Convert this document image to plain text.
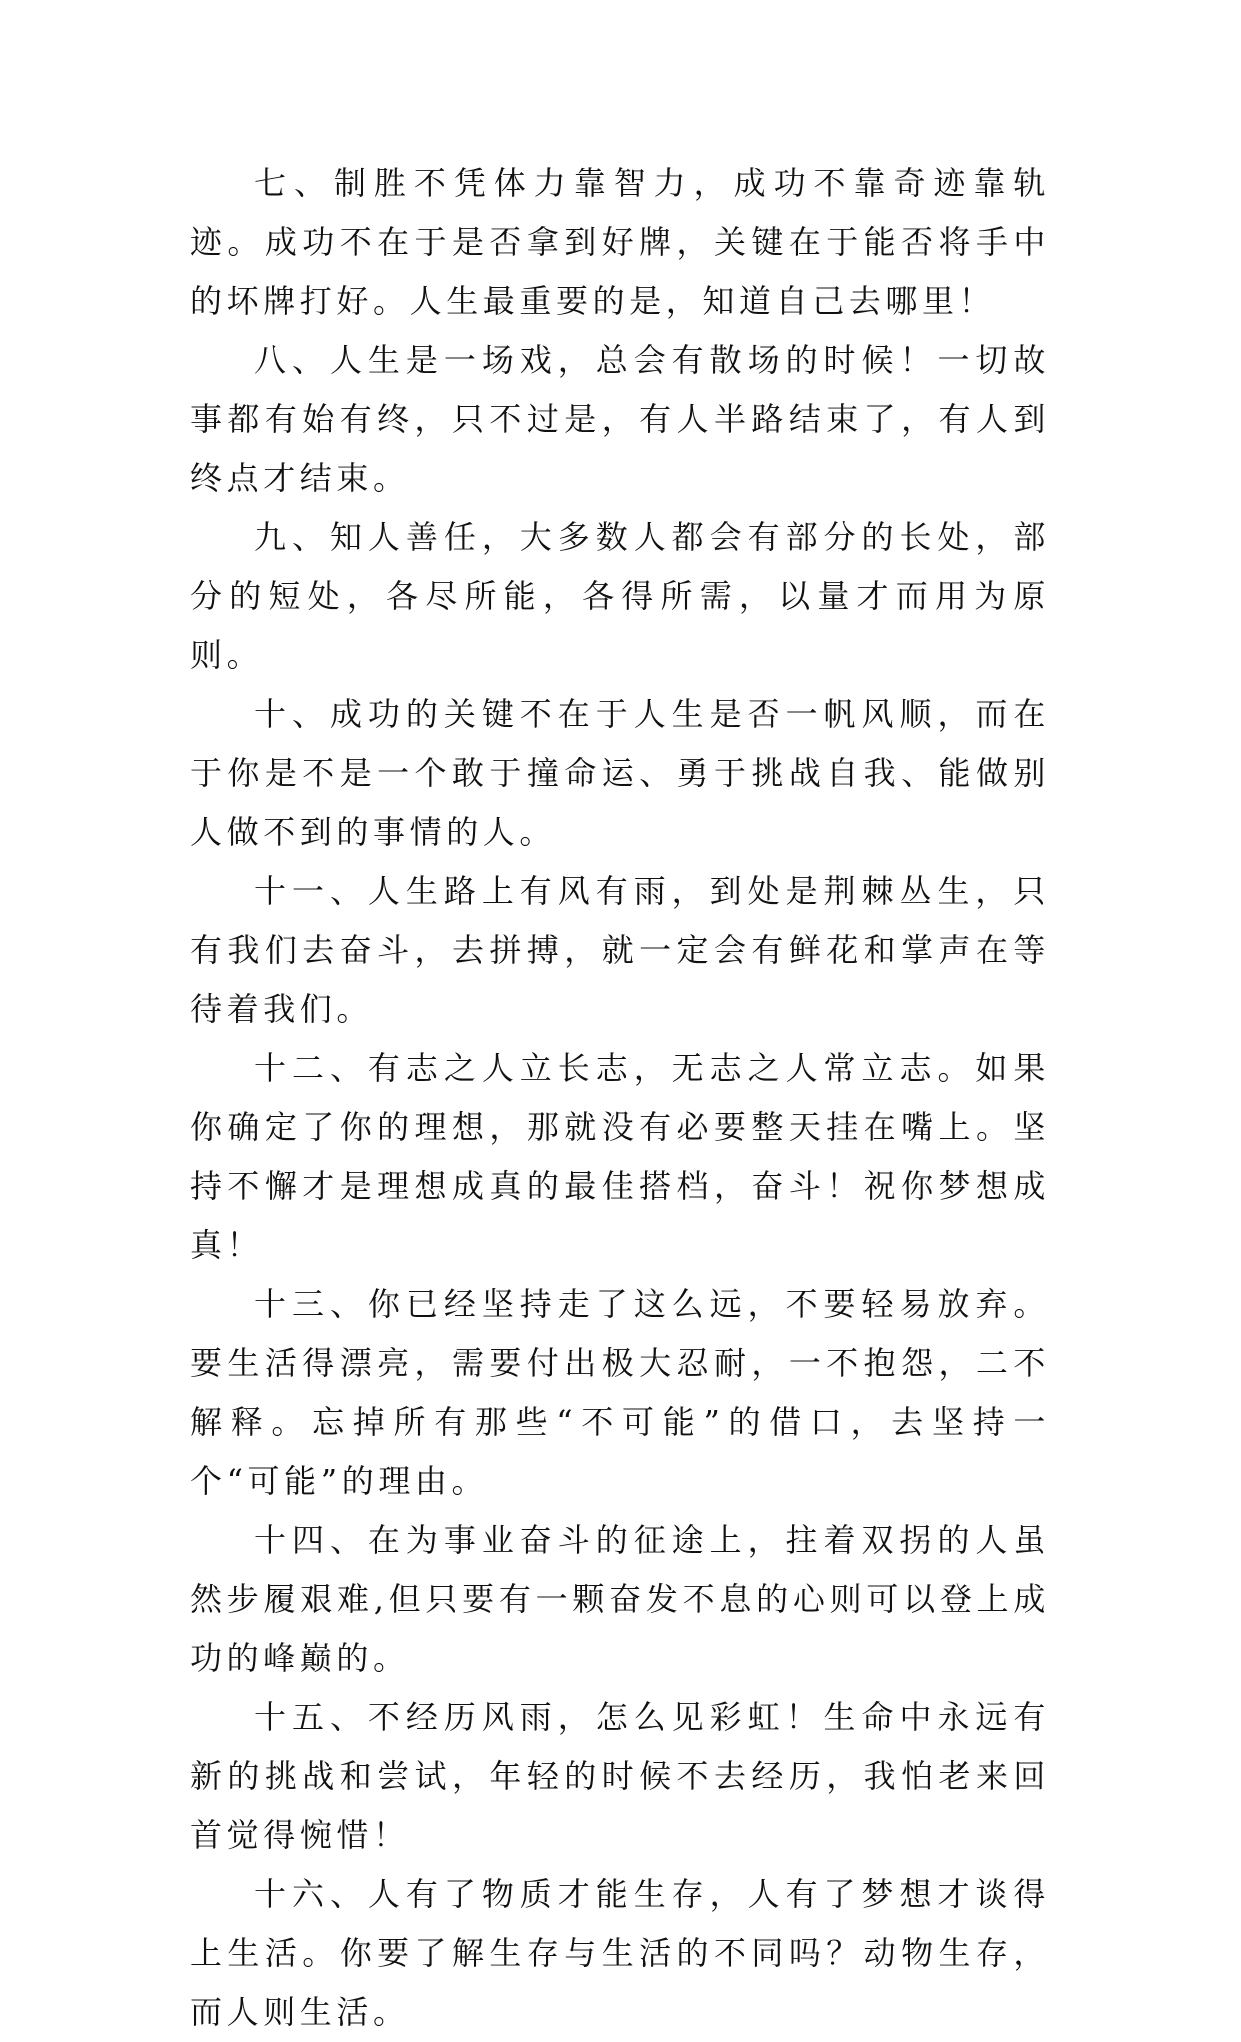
七、制胜不凭体力靠智力，成功不靠奇迹靠轨迹。成功不在于是否拿到好牌，关键在于能否将手中的坏牌打好。人生最重要的是，知道自己去哪里！

八、人生是一场戏，总会有散场的时候！一切故事都有始有终，只不过是，有人半路结束了，有人到终点才结束。

九、知人善任，大多数人都会有部分的长处，部分的短处，各尽所能，各得所需，以量才而用为原则。

十、成功的关键不在于人生是否一帆风顺，而在于你是不是一个敢于撞命运、勇于挑战自我、能做别人做不到的事情的人。

十一、人生路上有风有雨，到处是荆棘丛生，只有我们去奋斗，去拼搏，就一定会有鲜花和掌声在等待着我们。

十二、有志之人立长志，无志之人常立志。如果你确定了你的理想，那就没有必要整天挂在嘴上。坚持不懈才是理想成真的最佳搭档，奋斗！祝你梦想成真！

十三、你已经坚持走了这么远，不要轻易放弃。要生活得漂亮，需要付出极大忍耐，一不抱怨，二不解释。忘掉所有那些“不可能”的借口，去坚持一个“可能”的理由。

十四、在为事业奋斗的征途上，拄着双拐的人虽然步履艰难,但只要有一颗奋发不息的心则可以登上成功的峰巅的。

十五、不经历风雨，怎么见彩虹！生命中永远有新的挑战和尝试，年轻的时候不去经历，我怕老来回首觉得惋惜！

十六、人有了物质才能生存，人有了梦想才谈得上生活。你要了解生存与生活的不同吗？动物生存，而人则生活。
